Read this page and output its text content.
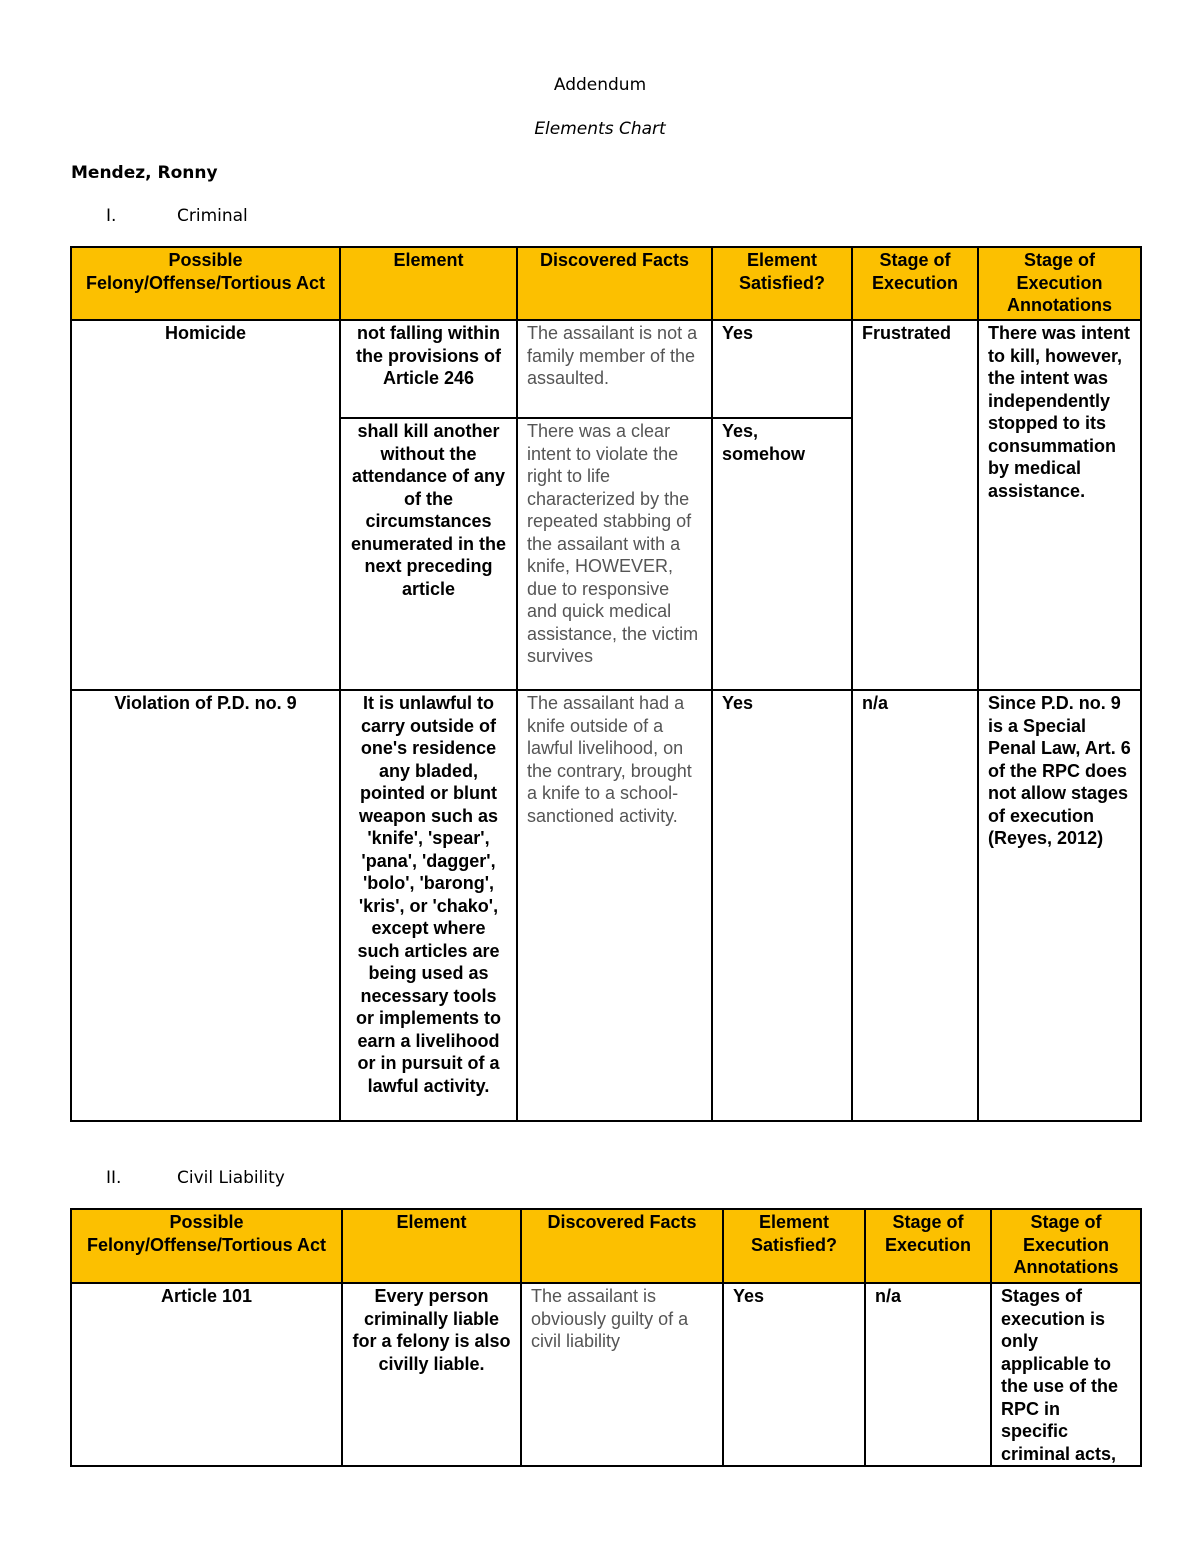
Addendum
Elements Chart
Mendez, Ronny
I.	Criminal
Possible Felony/Offense/Tortious Act	Element	Discovered Facts	Element Satisfied?	Stage of Execution	Stage of Execution Annotations
Homicide	not falling within the provisions of Article 246	The assailant is not a family member of the assaulted.	Yes	Frustrated	There was intent to kill, however, the intent was independently stopped to its consummation by medical assistance.
	shall kill another without the attendance of any of the circumstances enumerated in the next preceding article	There was a clear intent to violate the right to life characterized by the repeated stabbing of the assailant with a knife, HOWEVER, due to responsive and quick medical assistance, the victim survives	Yes, somehow		
Violation of P.D. no. 9	It is unlawful to carry outside of one's residence any bladed, pointed or blunt weapon such as 'knife', 'spear', 'pana', 'dagger', 'bolo', 'barong', 'kris', or 'chako', except where such articles are being used as necessary tools or implements to earn a livelihood or in pursuit of a lawful activity.	The assailant had a knife outside of a lawful livelihood, on the contrary, brought a knife to a school-sanctioned activity.	Yes	n/a	Since P.D. no. 9 is a Special Penal Law, Art. 6 of the RPC does not allow stages of execution (Reyes, 2012)
II.	Civil Liability
Possible Felony/Offense/Tortious Act	Element	Discovered Facts	Element Satisfied?	Stage of Execution	Stage of Execution Annotations
Article 101	Every person criminally liable for a felony is also civilly liable.	The assailant is obviously guilty of a civil liability	Yes	n/a	Stages of execution is only applicable to the use of the RPC in specific criminal acts,
